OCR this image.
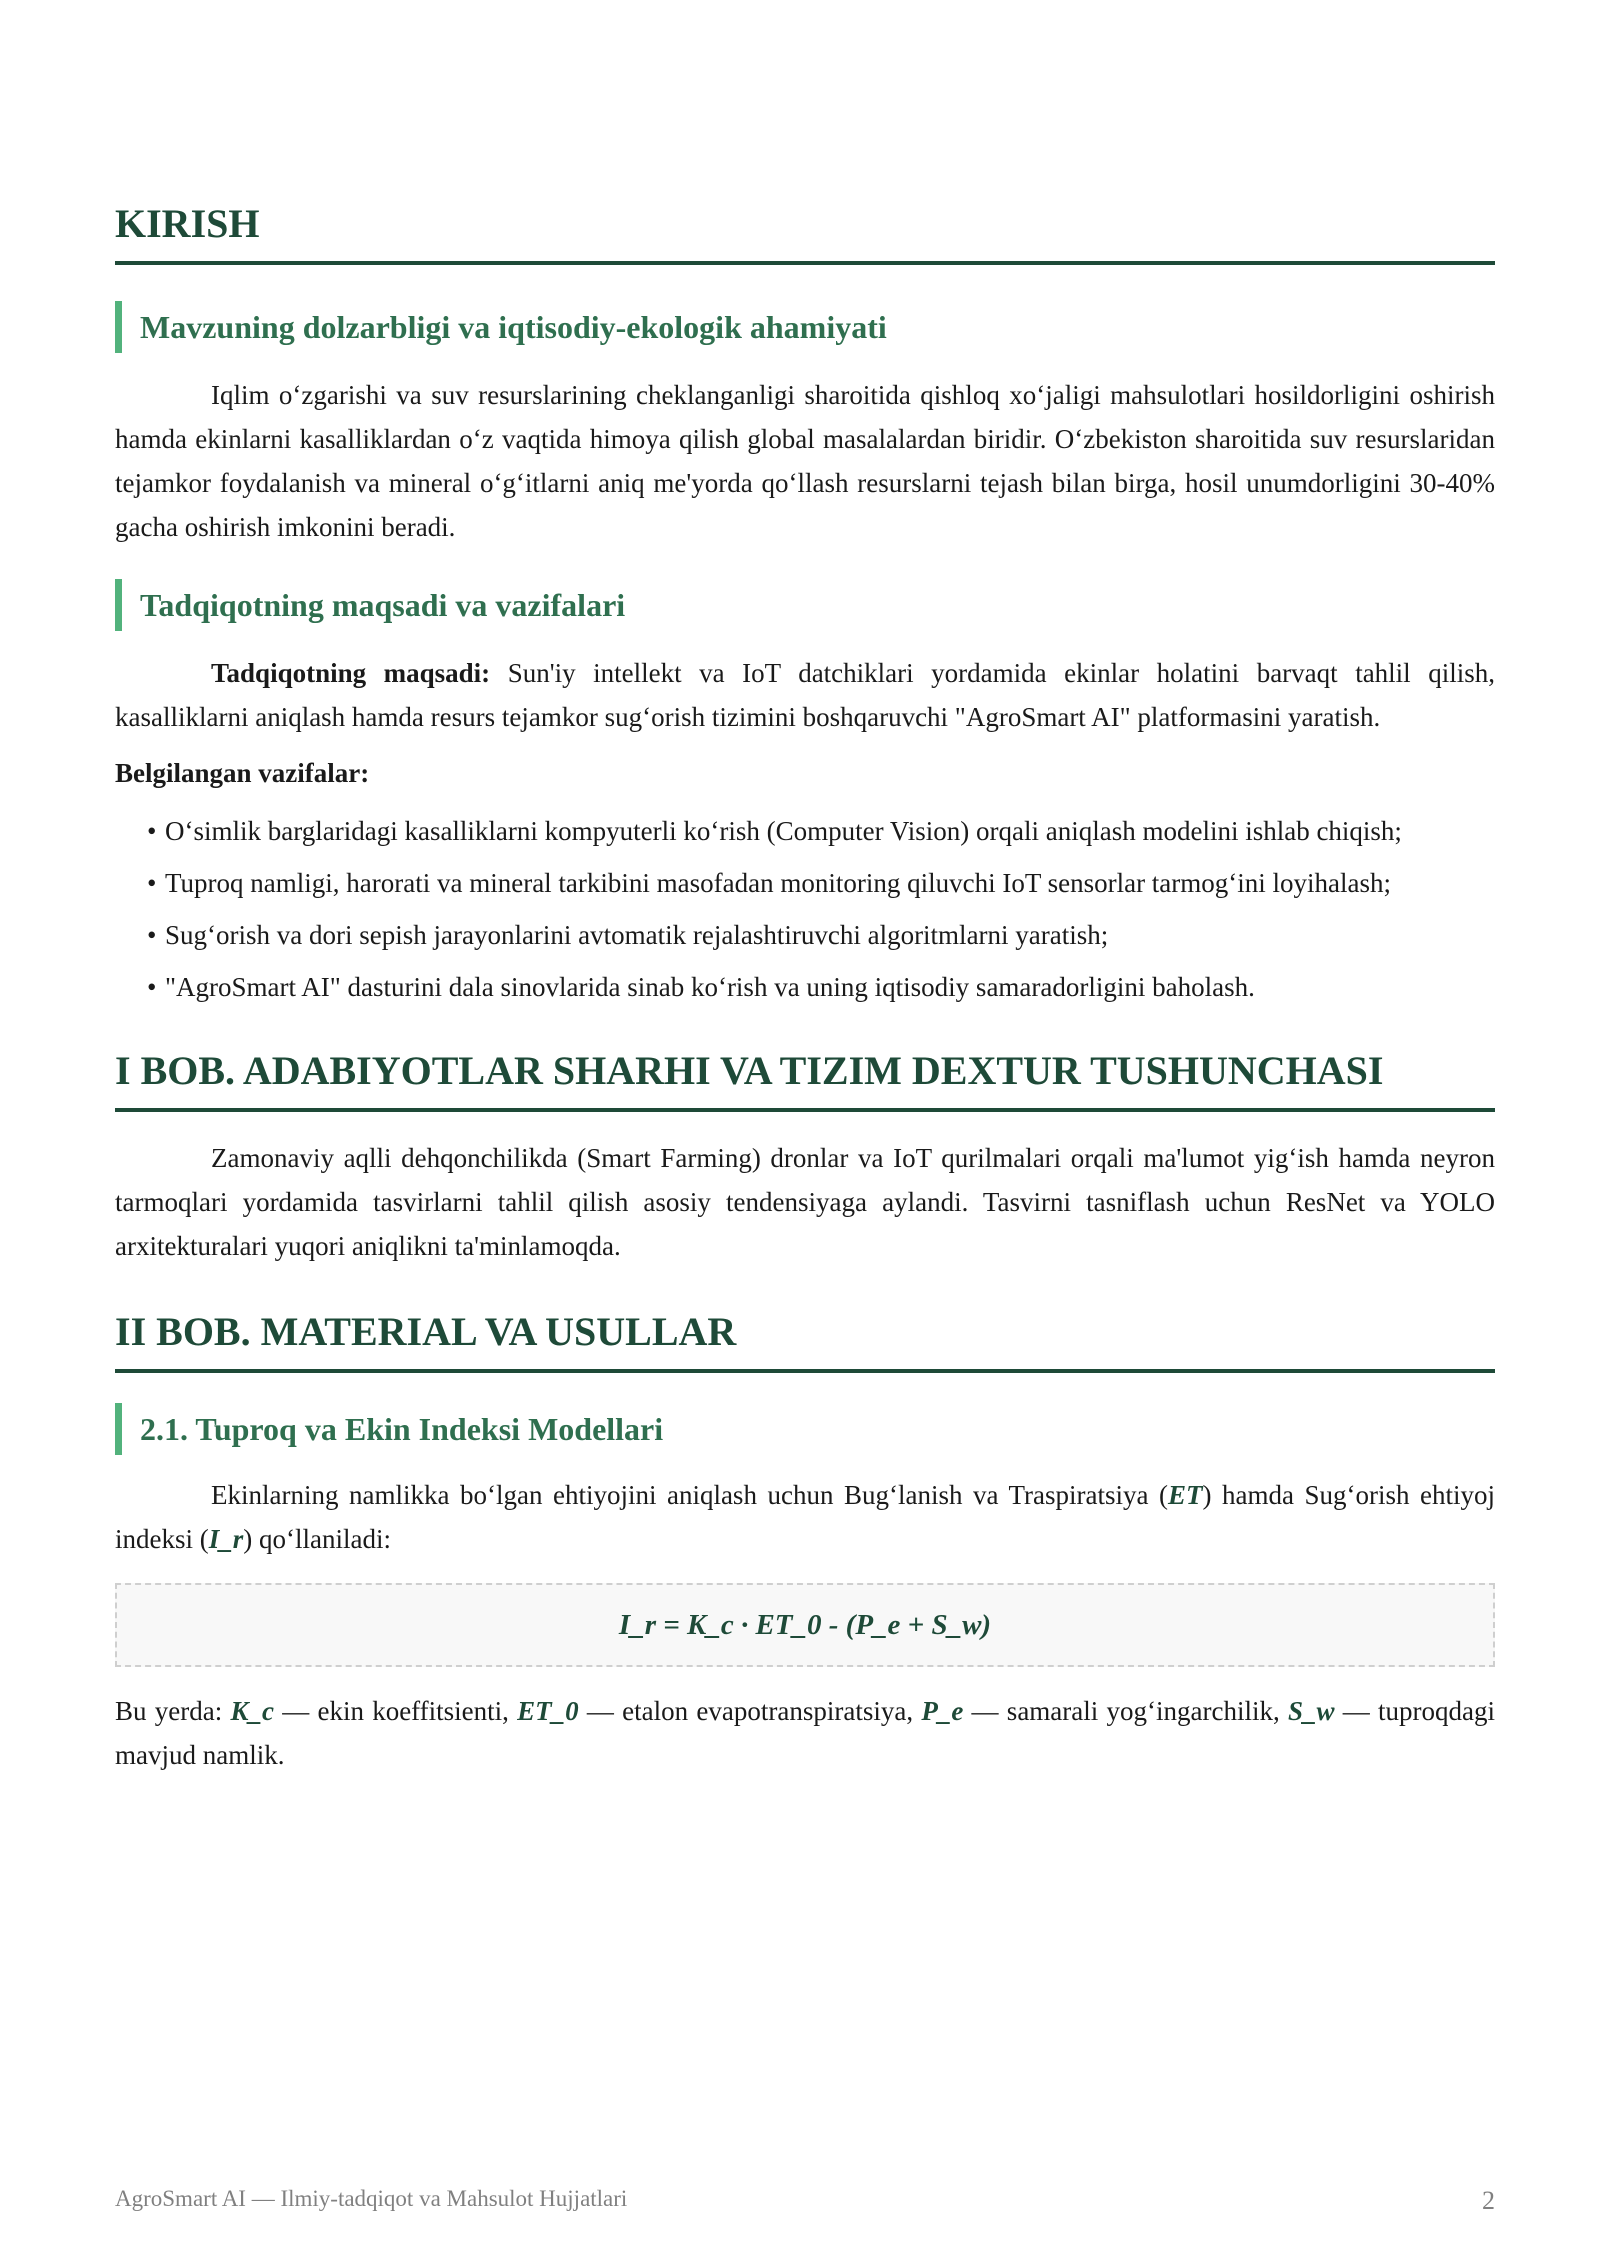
KIRISH
Mavzuning dolzarbligi va iqtisodiy-ekologik ahamiyati

Iqlim o‘zgarishi va suv resurslarining cheklanganligi sharoitida qishloq xo‘jaligi mahsulotlari hosildorligini oshirish hamda ekinlarni kasalliklardan o‘z vaqtida himoya qilish global masalalardan biridir. O‘zbekiston sharoitida suv resurslaridan tejamkor foydalanish va mineral o‘g‘itlarni aniq me'yorda qo‘llash resurslarni tejash bilan birga, hosil unumdorligini 30-40% gacha oshirish imkonini beradi.

Tadqiqotning maqsadi va vazifalari

Tadqiqotning maqsadi: Sun'iy intellekt va IoT datchiklari yordamida ekinlar holatini barvaqt tahlil qilish, kasalliklarni aniqlash hamda resurs tejamkor sug‘orish tizimini boshqaruvchi "AgroSmart AI" platformasini yaratish.

Belgilangan vazifalar:

• O‘simlik barglaridagi kasalliklarni kompyuterli ko‘rish (Computer Vision) orqali aniqlash modelini ishlab chiqish;
• Tuproq namligi, harorati va mineral tarkibini masofadan monitoring qiluvchi IoT sensorlar tarmog‘ini loyihalash;
• Sug‘orish va dori sepish jarayonlarini avtomatik rejalashtiruvchi algoritmlarni yaratish;
• "AgroSmart AI" dasturini dala sinovlarida sinab ko‘rish va uning iqtisodiy samaradorligini baholash.
I BOB. ADABIYOTLAR SHARHI VA TIZIM DEXTUR TUSHUNCHASI

Zamonaviy aqlli dehqonchilikda (Smart Farming) dronlar va IoT qurilmalari orqali ma'lumot yig‘ish hamda neyron tarmoqlari yordamida tasvirlarni tahlil qilish asosiy tendensiyaga aylandi. Tasvirni tasniflash uchun ResNet va YOLO arxitekturalari yuqori aniqlikni ta'minlamoqda.

II BOB. MATERIAL VA USULLAR
2.1. Tuproq va Ekin Indeksi Modellari

Ekinlarning namlikka bo‘lgan ehtiyojini aniqlash uchun Bug‘lanish va Traspiratsiya (ET) hamda Sug‘orish ehtiyoj indeksi (I_r) qo‘llaniladi:

I_r = K_c · ET_0 - (P_e + S_w)

Bu yerda: K_c — ekin koeffitsienti, ET_0 — etalon evapotranspiratsiya, P_e — samarali yog‘ingarchilik, S_w — tuproqdagi mavjud namlik.

AgroSmart AI — Ilmiy-tadqiqot va Mahsulot Hujjatlari	2
